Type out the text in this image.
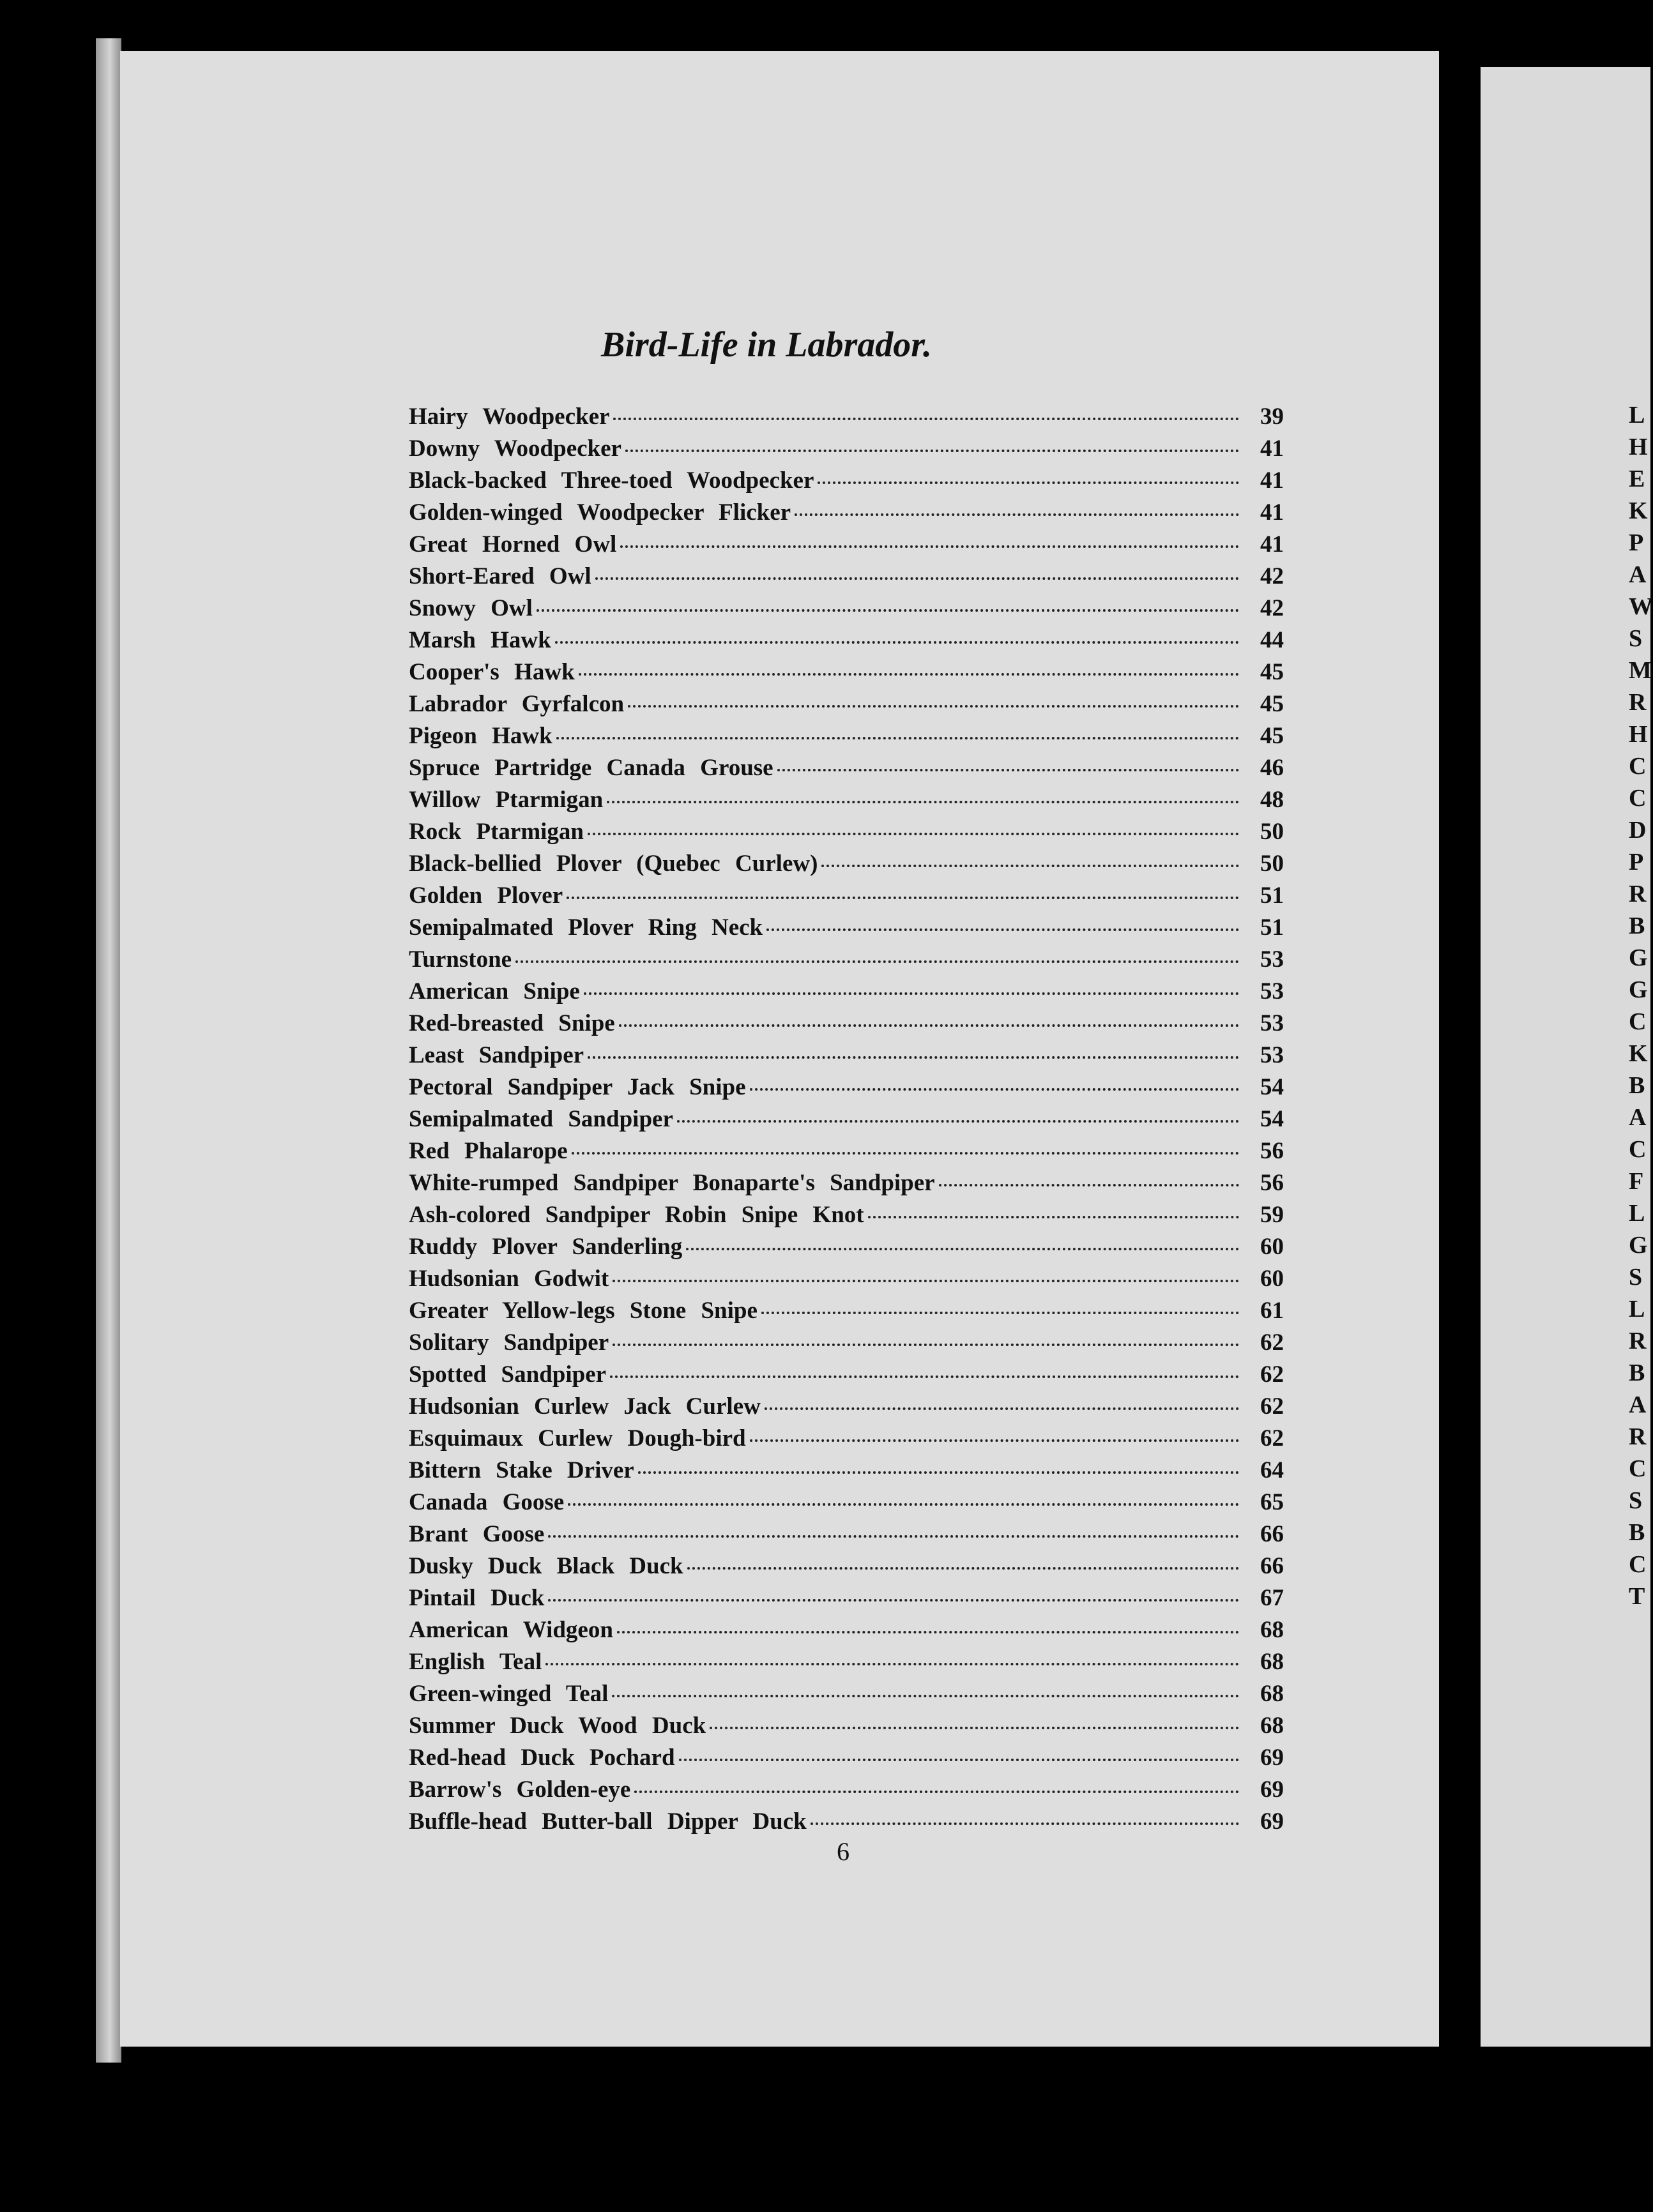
Bird-Life in Labrador.
Hairy Woodpecker	39
Downy Woodpecker	41
Black-backed Three-toed Woodpecker	41
Golden-winged Woodpecker Flicker	41
Great Horned Owl	41
Short-Eared Owl	42
Snowy Owl	42
Marsh Hawk	44
Cooper's Hawk	45
Labrador Gyrfalcon	45
Pigeon Hawk	45
Spruce Partridge Canada Grouse	46
Willow Ptarmigan	48
Rock Ptarmigan	50
Black-bellied Plover (Quebec Curlew)	50
Golden Plover	51
Semipalmated Plover Ring Neck	51
Turnstone	53
American Snipe	53
Red-breasted Snipe	53
Least Sandpiper	53
Pectoral Sandpiper Jack Snipe	54
Semipalmated Sandpiper	54
Red Phalarope	56
White-rumped Sandpiper Bonaparte's Sandpiper	56
Ash-colored Sandpiper Robin Snipe Knot	59
Ruddy Plover Sanderling	60
Hudsonian Godwit	60
Greater Yellow-legs Stone Snipe	61
Solitary Sandpiper	62
Spotted Sandpiper	62
Hudsonian Curlew Jack Curlew	62
Esquimaux Curlew Dough-bird	62
Bittern Stake Driver	64
Canada Goose	65
Brant Goose	66
Dusky Duck Black Duck	66
Pintail Duck	67
American Widgeon	68
English Teal	68
Green-winged Teal	68
Summer Duck Wood Duck	68
Red-head Duck Pochard	69
Barrow's Golden-eye	69
Buffle-head Butter-ball Dipper Duck	69

6

L
H
E
K
P
A
W
S
M
R
H
C
C
D
P
R
B
G
G
C
K
B
A
C
F
L
G
S
L
R
B
A
R
C
S
B
C
T
